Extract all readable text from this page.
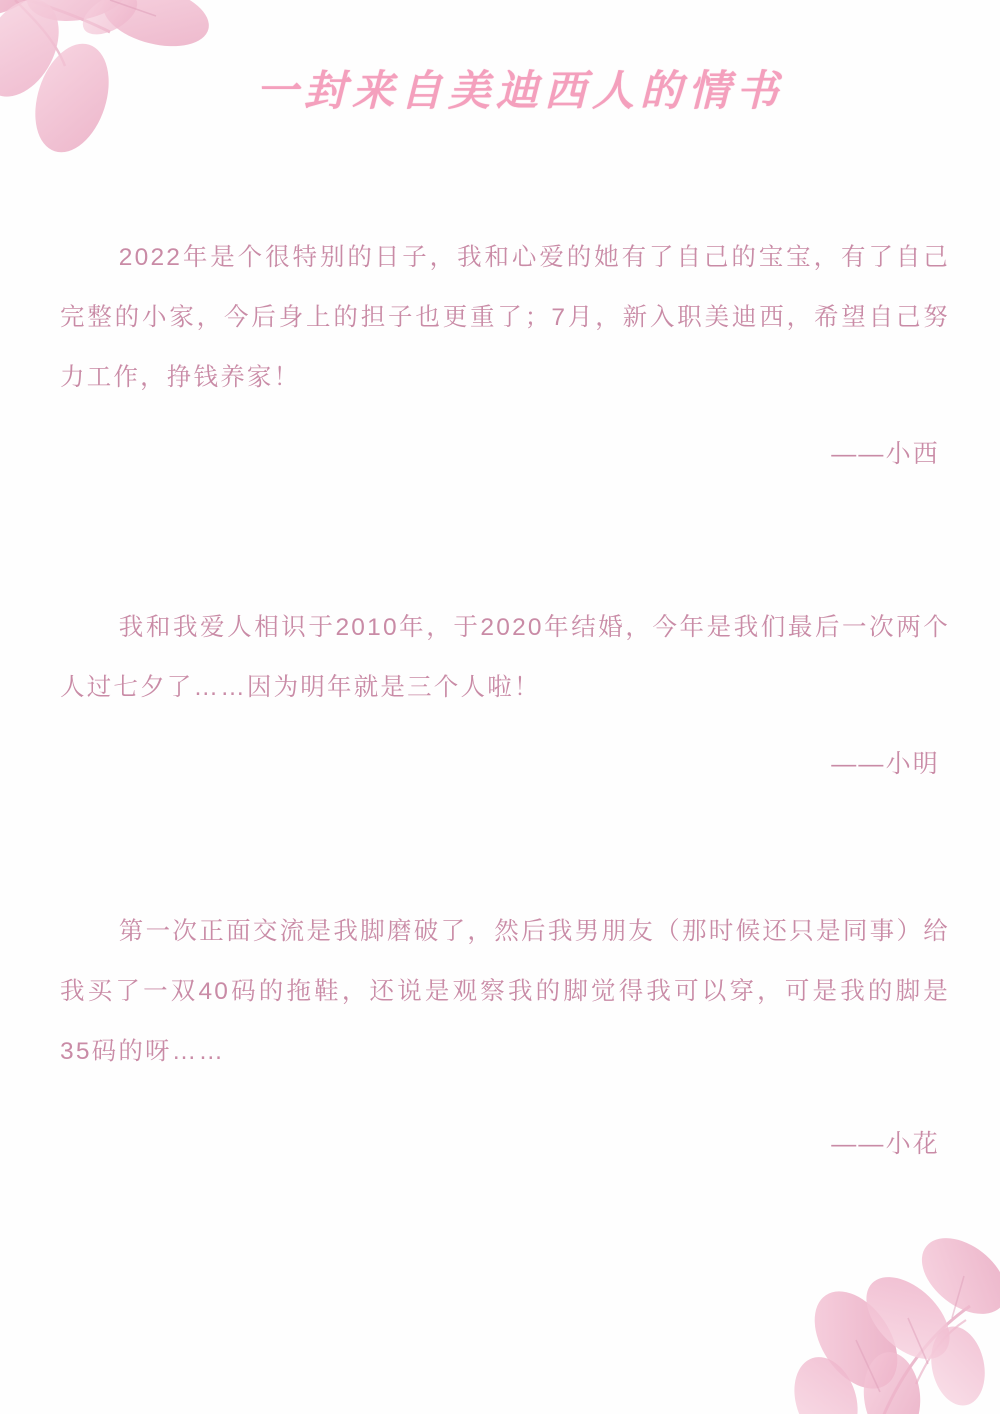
一封来自美迪西人的情书
2022年是个很特别的日子，我和心爱的她有了自己的宝宝，有了自己完整的小家，今后身上的担子也更重了；7月，新入职美迪西，希望自己努力工作，挣钱养家！
——小西
我和我爱人相识于2010年，于2020年结婚，今年是我们最后一次两个人过七夕了……因为明年就是三个人啦！
——小明
第一次正面交流是我脚磨破了，然后我男朋友（那时候还只是同事）给我买了一双40码的拖鞋，还说是观察我的脚觉得我可以穿，可是我的脚是35码的呀……
——小花
